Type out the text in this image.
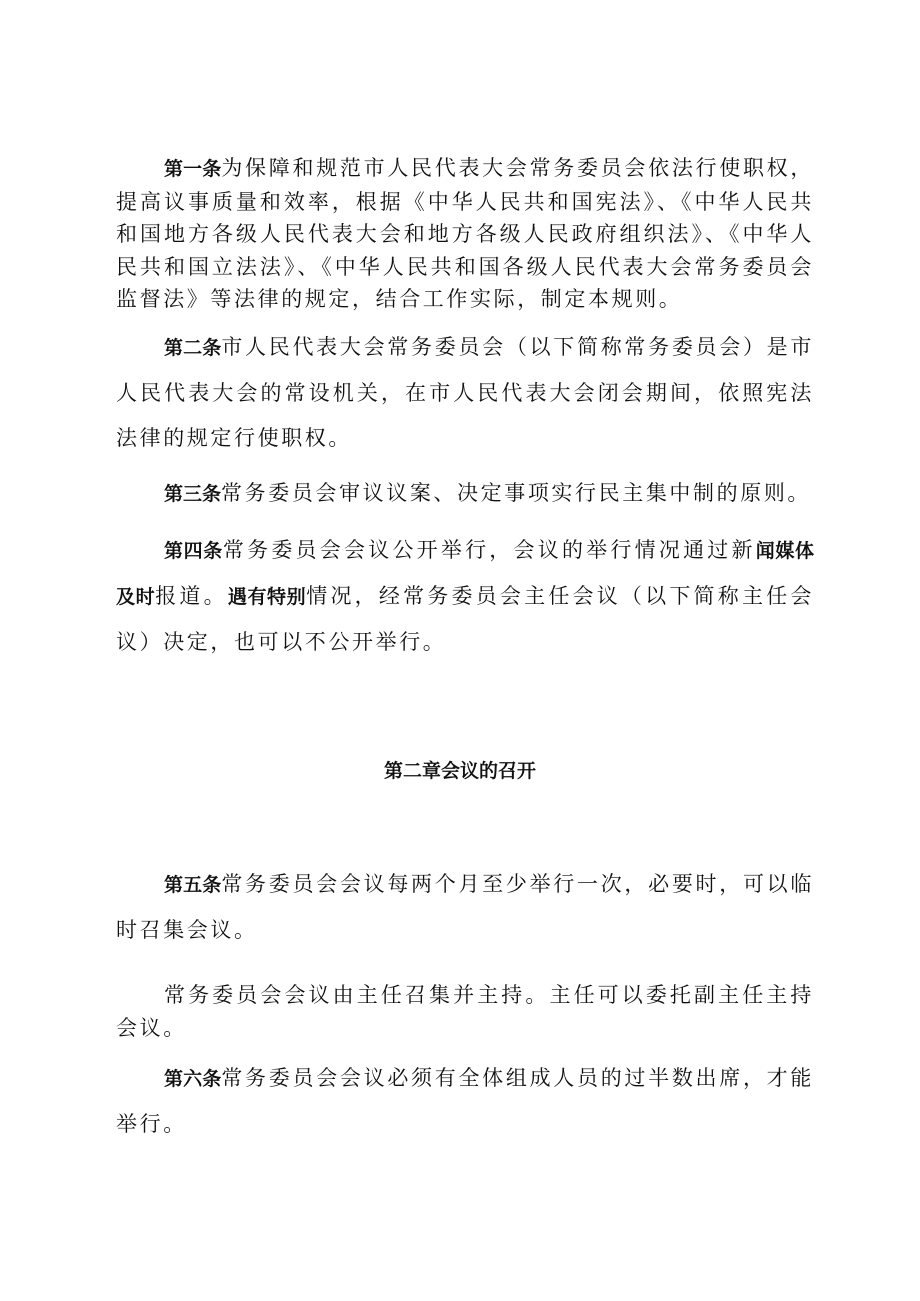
第一条为保障和规范市人民代表大会常务委员会依法行使职权，提高议事质量和效率，根据《中华人民共和国宪法》、《中华人民共和国地方各级人民代表大会和地方各级人民政府组织法》、《中华人民共和国立法法》、《中华人民共和国各级人民代表大会常务委员会监督法》等法律的规定，结合工作实际，制定本规则。

第二条市人民代表大会常务委员会（以下简称常务委员会）是市人民代表大会的常设机关，在市人民代表大会闭会期间，依照宪法法律的规定行使职权。

第三条常务委员会审议议案、决定事项实行民主集中制的原则。

第四条常务委员会会议公开举行，会议的举行情况通过新闻媒体及时报道。遇有特别情况，经常务委员会主任会议（以下简称主任会议）决定，也可以不公开举行。

第二章会议的召开

第五条常务委员会会议每两个月至少举行一次，必要时，可以临时召集会议。

常务委员会会议由主任召集并主持。主任可以委托副主任主持会议。

第六条常务委员会会议必须有全体组成人员的过半数出席，才能举行。
